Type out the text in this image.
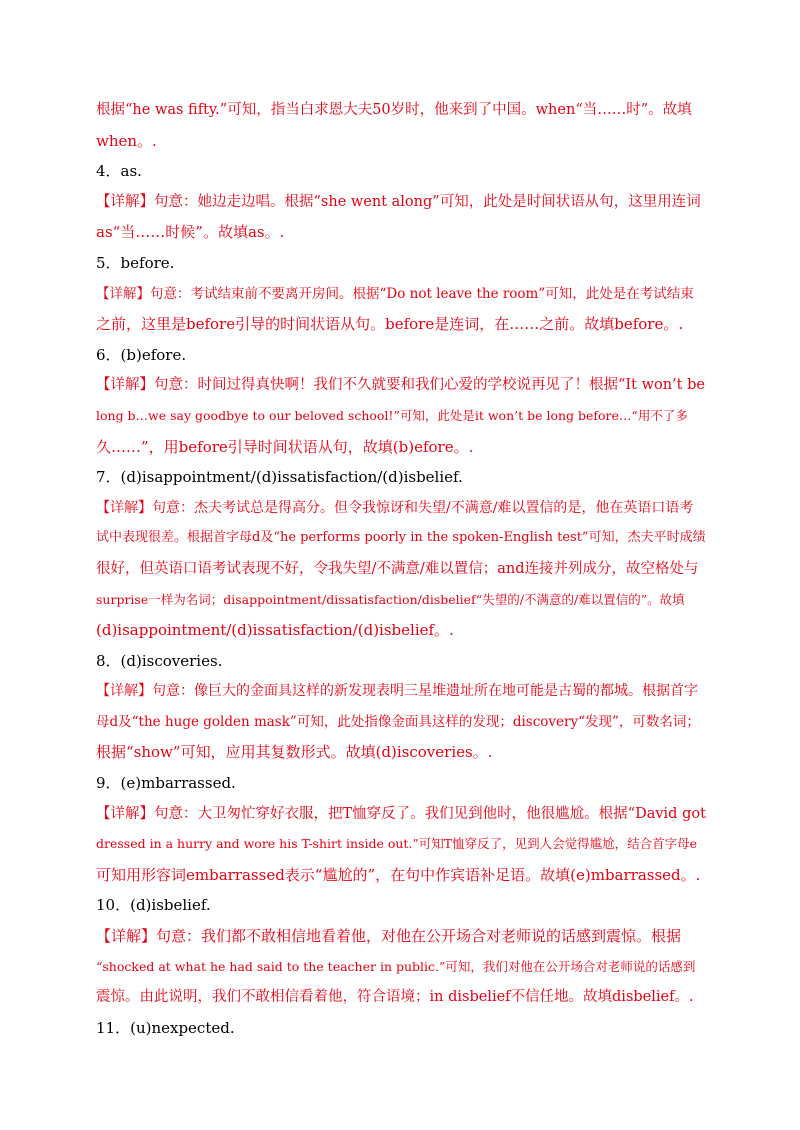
根据“he was fifty.”可知，指当白求恩大夫50岁时，他来到了中国。when“当……时”。故填
when。.
4．as.
【详解】句意：她边走边唱。根据“she went along”可知，此处是时间状语从句，这里用连词
as“当……时候”。故填as。.
5．before.
【详解】句意：考试结束前不要离开房间。根据“Do not leave the room”可知，此处是在考试结束
之前，这里是before引导的时间状语从句。before是连词，在……之前。故填before。.
6．(b)efore.
【详解】句意：时间过得真快啊！我们不久就要和我们心爱的学校说再见了！根据“It won’t be
long b…we say goodbye to our beloved school!”可知，此处是it won’t be long before…“用不了多
久……”，用before引导时间状语从句，故填(b)efore。.
7．(d)isappointment/(d)issatisfaction/(d)isbelief.
【详解】句意：杰夫考试总是得高分。但令我惊讶和失望/不满意/难以置信的是，他在英语口语考
试中表现很差。根据首字母d及“he performs poorly in the spoken-English test”可知，杰夫平时成绩
很好，但英语口语考试表现不好，令我失望/不满意/难以置信；and连接并列成分，故空格处与
surprise一样为名词；disappointment/dissatisfaction/disbelief“失望的/不满意的/难以置信的”。故填
(d)isappointment/(d)issatisfaction/(d)isbelief。.
8．(d)iscoveries.
【详解】句意：像巨大的金面具这样的新发现表明三星堆遗址所在地可能是古蜀的都城。根据首字
母d及“the huge golden mask”可知，此处指像金面具这样的发现；discovery“发现”，可数名词；
根据“show”可知，应用其复数形式。故填(d)iscoveries。.
9．(e)mbarrassed.
【详解】句意：大卫匆忙穿好衣服，把T恤穿反了。我们见到他时，他很尴尬。根据“David got
dressed in a hurry and wore his T-shirt inside out.”可知T恤穿反了，见到人会觉得尴尬，结合首字母e
可知用形容词embarrassed表示“尴尬的”，在句中作宾语补足语。故填(e)mbarrassed。.
10．(d)isbelief.
【详解】句意：我们都不敢相信地看着他，对他在公开场合对老师说的话感到震惊。根据
“shocked at what he had said to the teacher in public.”可知，我们对他在公开场合对老师说的话感到
震惊。由此说明，我们不敢相信看着他，符合语境；in disbelief不信任地。故填disbelief。.
11．(u)nexpected.
